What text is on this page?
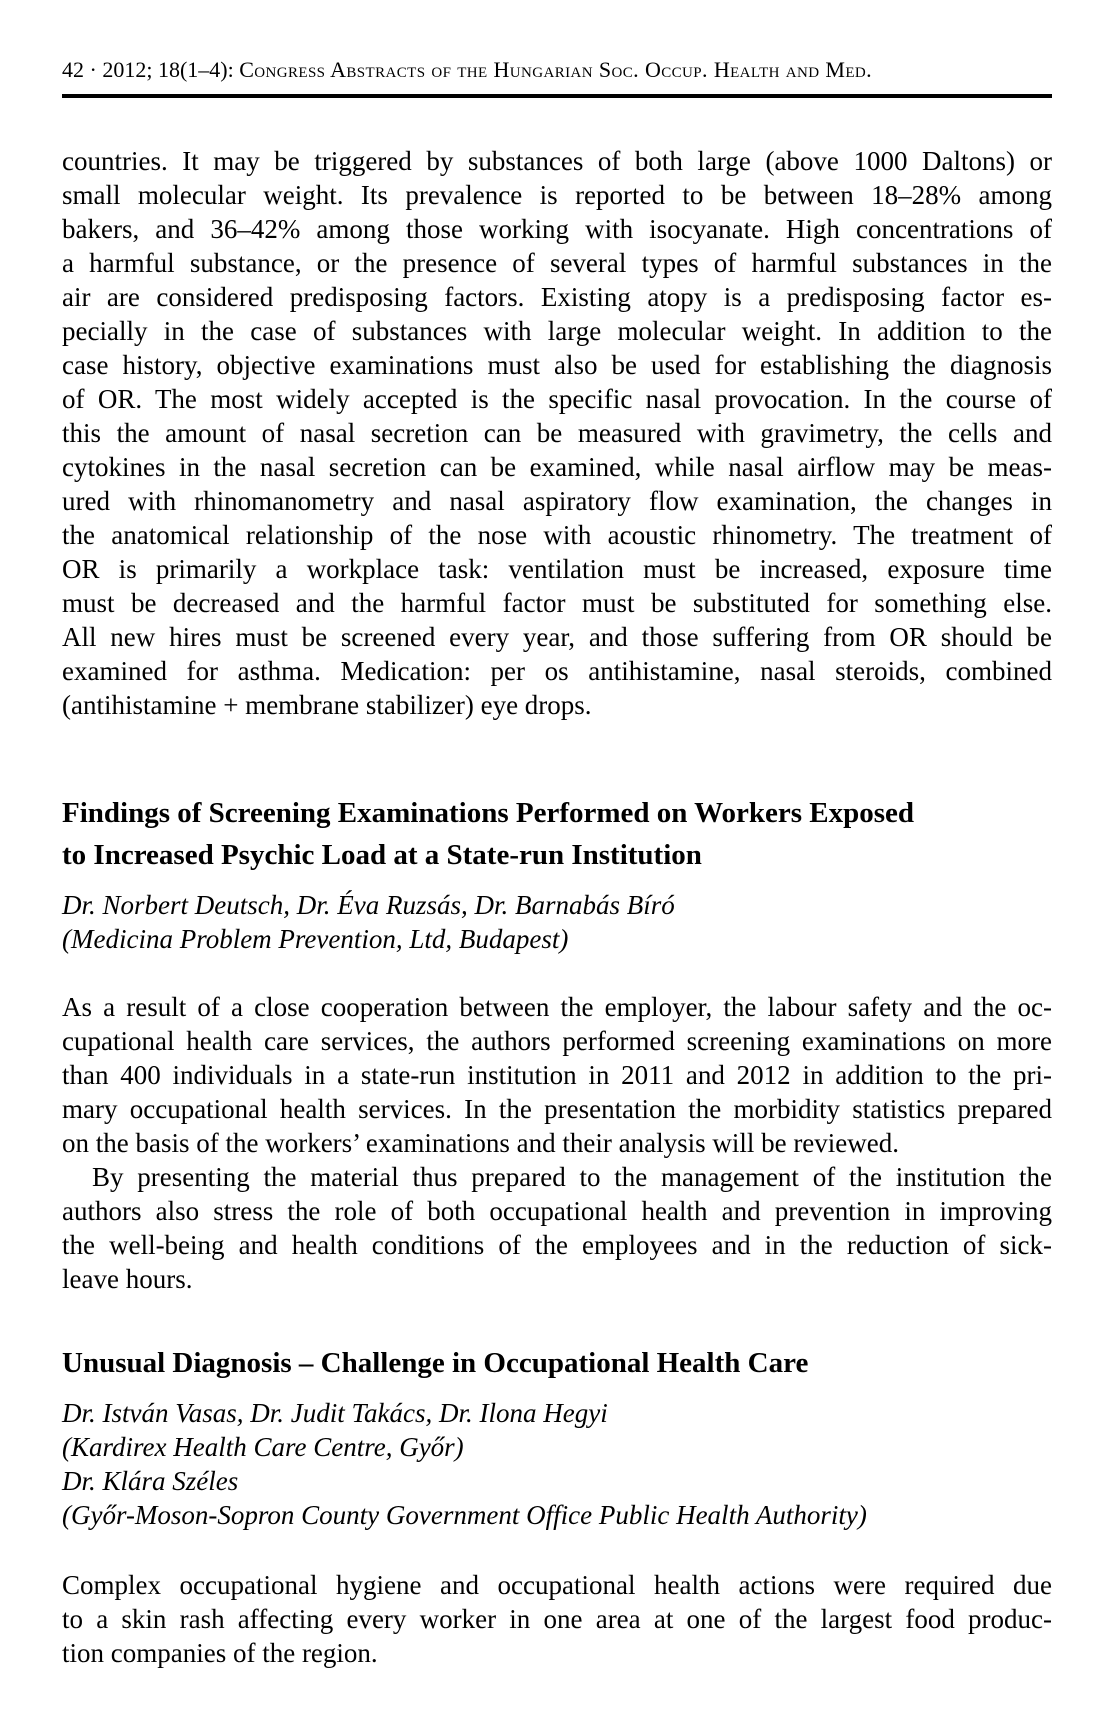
42 · 2012; 18(1–4): Congress Abstracts of the Hungarian Soc. Occup. Health and Med.
countries. It may be triggered by substances of both large (above 1000 Daltons) or
small molecular weight. Its prevalence is reported to be between 18–28% among
bakers, and 36–42% among those working with isocyanate. High concentrations of
a harmful substance, or the presence of several types of harmful substances in the
air are considered predisposing factors. Existing atopy is a predisposing factor es-
pecially in the case of substances with large molecular weight. In addition to the
case history, objective examinations must also be used for establishing the diagnosis
of OR. The most widely accepted is the specific nasal provocation. In the course of
this the amount of nasal secretion can be measured with gravimetry, the cells and
cytokines in the nasal secretion can be examined, while nasal airflow may be meas-
ured with rhinomanometry and nasal aspiratory flow examination, the changes in
the anatomical relationship of the nose with acoustic rhinometry. The treatment of
OR is primarily a workplace task: ventilation must be increased, exposure time
must be decreased and the harmful factor must be substituted for something else.
All new hires must be screened every year, and those suffering from OR should be
examined for asthma. Medication: per os antihistamine, nasal steroids, combined
(antihistamine + membrane stabilizer) eye drops.
Findings of Screening Examinations Performed on Workers Exposed
to Increased Psychic Load at a State-run Institution
Dr. Norbert Deutsch, Dr. Éva Ruzsás, Dr. Barnabás Bíró
(Medicina Problem Prevention, Ltd, Budapest)
As a result of a close cooperation between the employer, the labour safety and the oc-
cupational health care services, the authors performed screening examinations on more
than 400 individuals in a state-run institution in 2011 and 2012 in addition to the pri-
mary occupational health services. In the presentation the morbidity statistics prepared
on the basis of the workers’ examinations and their analysis will be reviewed.
By presenting the material thus prepared to the management of the institution the
authors also stress the role of both occupational health and prevention in improving
the well-being and health conditions of the employees and in the reduction of sick-
leave hours.
Unusual Diagnosis – Challenge in Occupational Health Care
Dr. István Vasas, Dr. Judit Takács, Dr. Ilona Hegyi
(Kardirex Health Care Centre, Győr)
Dr. Klára Széles
(Győr-Moson-Sopron County Government Office Public Health Authority)
Complex occupational hygiene and occupational health actions were required due
to a skin rash affecting every worker in one area at one of the largest food produc-
tion companies of the region.
